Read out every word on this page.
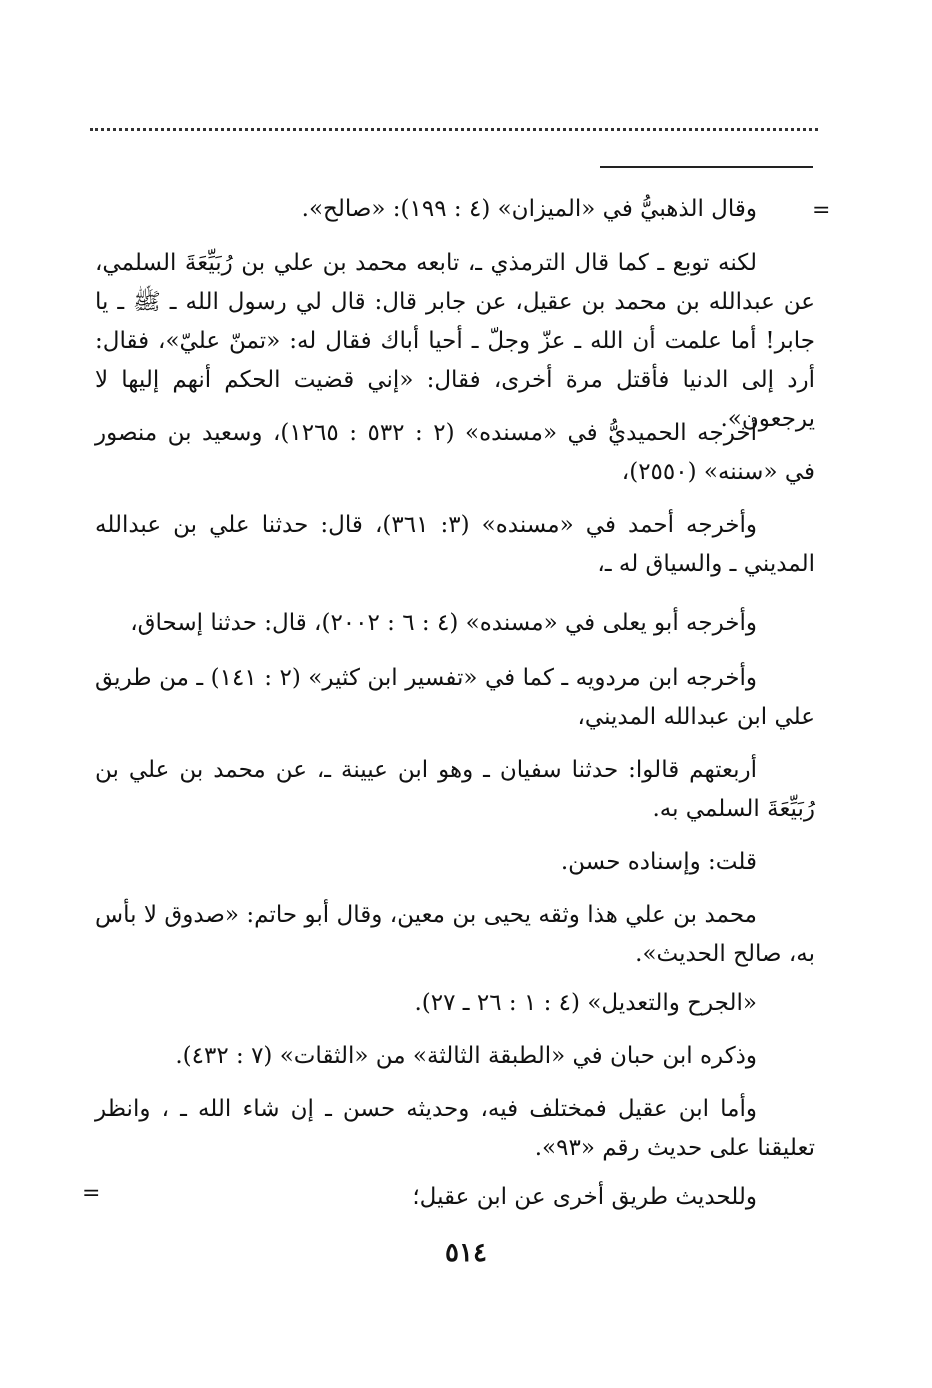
=
=
وقال الذهبيُّ في «الميزان» (٤ : ١٩٩): «صالح».
لكنه توبع ـ كما قال الترمذي ـ، تابعه محمد بن علي بن رُبَيِّعَةَ السلمي، عن عبدالله بن محمد بن عقيل، عن جابر قال: قال لي رسول الله ـ ﷺ ـ يا جابر! أما علمت أن الله ـ عزّ وجلّ ـ أحيا أباك فقال له: «تمنّ عليّ»، فقال: أرد إلى الدنيا فأقتل مرة أخرى، فقال: «إني قضيت الحكم أنهم إليها لا يرجعون».
أخرجه الحميديُّ في «مسنده» (٢ : ٥٣٢ : ١٢٦٥)، وسعيد بن منصور في «سننه» (٢٥٥٠)،
وأخرجه أحمد في «مسنده» (٣: ٣٦١)، قال: حدثنا علي بن عبدالله المديني ـ والسياق له ـ،
وأخرجه أبو يعلى في «مسنده» (٤ : ٦ : ٢٠٠٢)، قال: حدثنا إسحاق،
وأخرجه ابن مردويه ـ كما في «تفسير ابن كثير» (٢ : ١٤١) ـ من طريق علي ابن عبدالله المديني،
أربعتهم قالوا: حدثنا سفيان ـ وهو ابن عيينة ـ، عن محمد بن علي بن رُبَيِّعَةَ السلمي به.
قلت: وإسناده حسن.
محمد بن علي هذا وثقه يحيى بن معين، وقال أبو حاتم: «صدوق لا بأس به، صالح الحديث».
«الجرح والتعديل» (٤ : ١ : ٢٦ ـ ٢٧).
وذكره ابن حبان في «الطبقة الثالثة» من «الثقات» (٧ : ٤٣٢).
وأما ابن عقيل فمختلف فيه، وحديثه حسن ـ إن شاء الله ـ ، وانظر تعليقنا على حديث رقم «٩٣».
وللحديث طريق أخرى عن ابن عقيل؛
٥١٤
